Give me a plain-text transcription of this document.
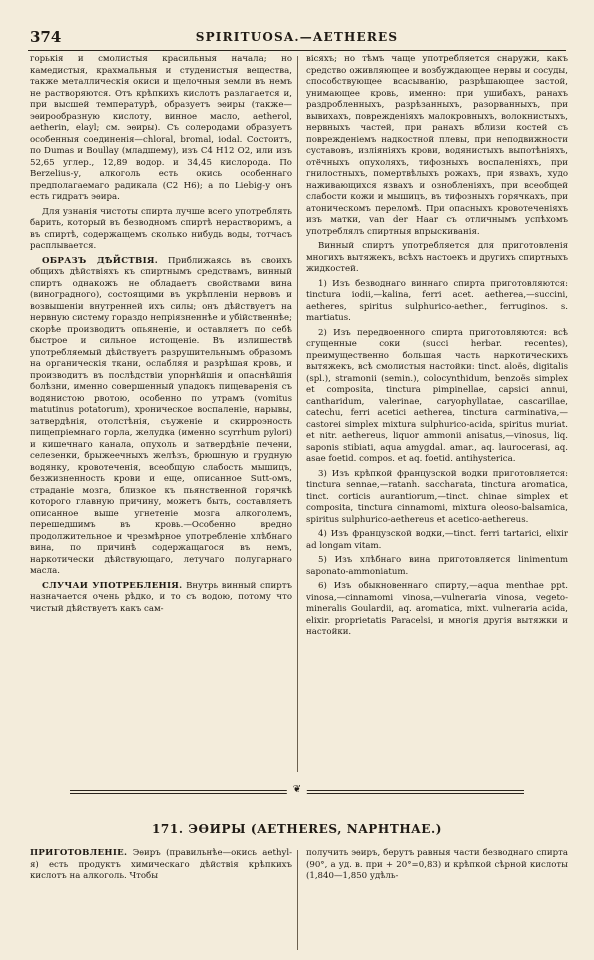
374	SPIRITUOSA.—AETHERES

горькія и смолистыя красильныя начала; но камедистыя, крахмальныя и студенистыя вещества, также металлическія окиси и щелочныя земли въ немъ не растворяются. Отъ крѣпкихъ кислотъ разлагается и, при высшей температурѣ, образуетъ эѳиры (также—эѳирообразную кислоту, винное масло, aetherol, aetherin, elayl; см. эѳиры). Съ солеродами образуетъ особенныя соединенія—chloral, bromal, iodal. Состоитъ, по Dumas и Boullay (младшему), изъ C4 H12 O2, или изъ 52,65 углер., 12,89 водор. и 34,45 кислорода. По Berzelius-у, алкоголь есть окись особеннаго предполагаемаго радикала (C2 H6); а по Liebig-у онъ есть гидратъ эѳира.

Для узнанія чистоты спирта лучше всего употреблять барить, который въ безводномъ спиртѣ нерастворимъ, а въ спиртѣ, содержащемъ сколько нибудь воды, тотчасъ расплывается.

ОБРАЗЪ ДѢЙСТВІЯ. Приближаясь въ своихъ общихъ дѣйствіяхъ къ спиртнымъ средствамъ, винный спиртъ однакожъ не обладаетъ свойствами вина (виноградного), состоящими въ укрѣпленіи нервовъ и возвышеніи внутренней ихъ силы; онъ дѣйствуетъ на нервную систему гораздо непріязненнѣе и убійственнѣе; скорѣе производитъ опьяненіе, и оставляетъ по себѣ быстрое и сильное истощеніе. Въ излишествѣ употребляемый дѣйствуетъ разрушительнымъ образомъ на органическія ткани, ослабляя и разрѣшая кровь, и производитъ въ послѣдствіи упорнѣйшія и опаснѣйшія болѣзни, именно совершенный упадокъ пищеваренія съ водянистою рвотою, особенно по утрамъ (vomitus matutinus potatorum), хроническое воспаленіе, нарывы, затвердѣнія, отолстѣнія, съуженіе и скирроэность пищепріемнаго горла, желудка (именно scyrrhum pylori) и кишечнаго канала, опухоль и затвердѣніе печени, селезенки, брыжеечныхъ желѣзъ, брюшную и грудную водянку, кровотеченія, всеобщую слабость мышицъ, безжизненность крови и еще, описанное Sutt-омъ, страданіе мозга, близкое къ пьянственной горячкѣ которого главную причину, можетъ быть, составляетъ описанное выше угнетеніе мозга алкоголемъ, перешедшимъ въ кровь.—Особенно вредно продолжительное и чрезмѣрное употребленіе хлѣбнаго вина, по причинѣ содержащагося въ немъ, наркотически дѣйствующаго, летучаго полугарнаго масла.

СЛУЧАИ УПОТРЕБЛЕНІЯ. Внутрь винный спиртъ назначается очень рѣдко, и то съ водою, потому что чистый дѣйствуетъ какъ сам-

вісяхъ; но тѣмъ чаще употребляется снаружи, какъ средство оживляющее и возбуждающее нервы и сосуды, способствующее всасыванію, разрѣшающее застой, унимающее кровь, именно: при ушибахъ, ранахъ раздробленныхъ, разрѣзанныхъ, разорванныхъ, при вывихахъ, поврежденіяхъ малокровныхъ, волокнистыхъ, нервныхъ частей, при ранахъ вблизи костей съ поврежденіемъ надкостной плевы, при неподвижности суставовъ, изліяніяхъ крови, водянистыхъ выпотѣніяхъ, отёчныхъ опухоляхъ, тифозныхъ воспаленіяхъ, при гнилостныхъ, помертвѣлыхъ рожахъ, при язвахъ, худо наживающихся язвахъ и ознобленіяхъ, при всеобщей слабости кожи и мышицъ, въ тифозныхъ горячкахъ, при атоническомъ переломѣ. При опасныхъ кровотеченіяхъ изъ матки, van der Haar съ отличнымъ успѣхомъ употреблялъ спиртныя впрыскиванія.

Винный спиртъ употребляется для приготовленія многихъ вытяжекъ, всѣхъ настоекъ и другихъ спиртныхъ жидкостей.

1) Изъ безводнаго виннаго спирта приготовляются: tinctura iodii,—kalina, ferri acet. aetherea,—succini, aetheres, spiritus sulphurico-aether., ferruginos. s. martiatus.

2) Изъ передвоенного спирта приготовляются: всѣ сгущенные соки (succi herbar. recentes), преимущественно большая часть наркотическихъ вытяжекъ, всѣ смолистыя настойки: tinct. aloës, digitalis (spl.), stramonii (semin.), colocynthidum, benzoës simplex et composita, tinctura pimpinellae, capsici annui, cantharidum, valerinae, caryophyllatae, cascarillae, catechu, ferri acetici aetherea, tinctura carminativa,—castorei simplex mixtura sulphurico-acida, spiritus muriat. et nitr. aethereus, liquor ammonii anisatus,—vinosus, liq. saponis stibiati, aqua amygdal. amar., aq. laurocerasi, aq. asae foetid. compos. et aq. foetid. antihysterica.

3) Изъ крѣпкой французской водки приготовляется: tinctura sennae,—ratanh. saccharata, tinctura aromatica, tinct. corticis aurantiorum,—tinct. chinae simplex et composita, tinctura cinnamomi, mixtura oleoso-balsamica, spiritus sulphurico-aethereus et acetico-aethereus.

4) Изъ французской водки,—tinct. ferri tartarici, elixir ad longam vitam.

5) Изъ хлѣбнаго вина приготовляется linimentum saponato-ammoniatum.

6) Изъ обыкновеннаго спирту,—aqua menthae ppt. vinosa,—cinnamomi vinosa,—vulneraria vinosa, vegeto-mineralis Goulardii, aq. aromatica, mixt. vulneraria acida, elixir. proprietatis Paracelsi, и многія другія вытяжки и настойки.

❦
171. ЭѲИРЫ (AETHERES, NAPHTHAE.)

ПРИГОТОВЛЕНІЕ. Эѳиръ (правильнѣе—окись aethyl-я) есть продуктъ химическаго дѣйствія крѣпкихъ кислотъ на алкоголь. Чтобы

получить эѳиръ, берутъ равныя части безводнаго спирта (90°, а уд. в. при + 20°=0,83) и крѣпкой сѣрной кислоты (1,840—1,850 удѣль-
